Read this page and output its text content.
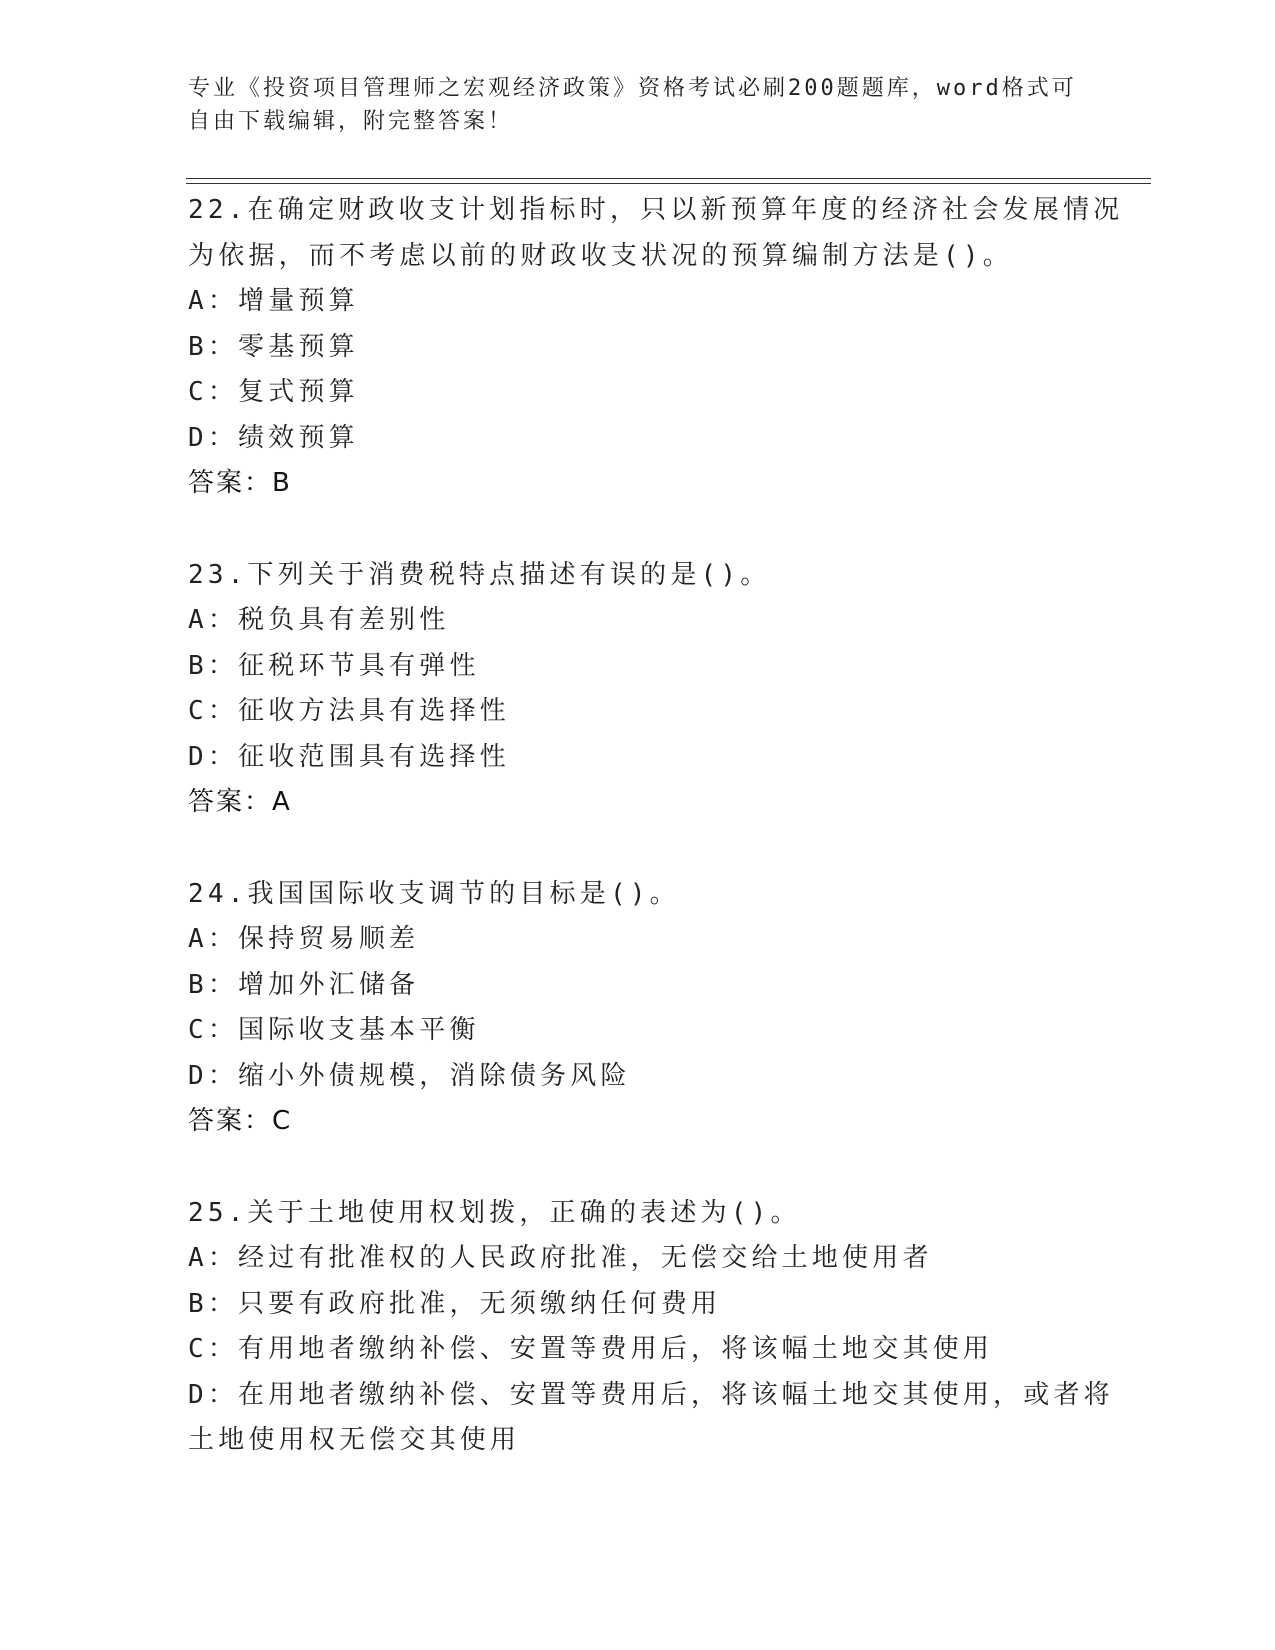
专业《投资项目管理师之宏观经济政策》资格考试必刷200题题库，word格式可
自由下载编辑，附完整答案！
22.在确定财政收支计划指标时，只以新预算年度的经济社会发展情况
为依据，而不考虑以前的财政收支状况的预算编制方法是()。
A：增量预算
B：零基预算
C：复式预算
D：绩效预算
答案：B
23.下列关于消费税特点描述有误的是()。
A：税负具有差别性
B：征税环节具有弹性
C：征收方法具有选择性
D：征收范围具有选择性
答案：A
24.我国国际收支调节的目标是()。
A：保持贸易顺差
B：增加外汇储备
C：国际收支基本平衡
D：缩小外债规模，消除债务风险
答案：C
25.关于土地使用权划拨，正确的表述为()。
A：经过有批准权的人民政府批准，无偿交给土地使用者
B：只要有政府批准，无须缴纳任何费用
C：有用地者缴纳补偿、安置等费用后，将该幅土地交其使用
D：在用地者缴纳补偿、安置等费用后，将该幅土地交其使用，或者将
土地使用权无偿交其使用
